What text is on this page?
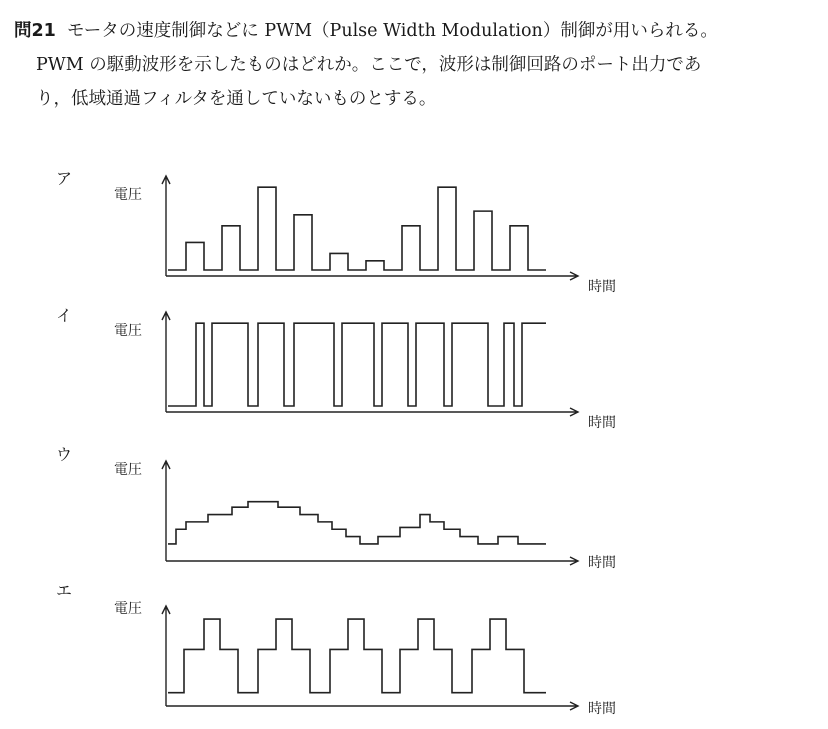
問21 モータの速度制御などに PWM（Pulse Width Modulation）制御が用いられる。
PWM の駆動波形を示したものはどれか。ここで，波形は制御回路のポート出力であ
り，低域通過フィルタを通していないものとする。
ア
イ
ウ
エ
電圧
電圧
電圧
電圧
時間
時間
時間
時間
